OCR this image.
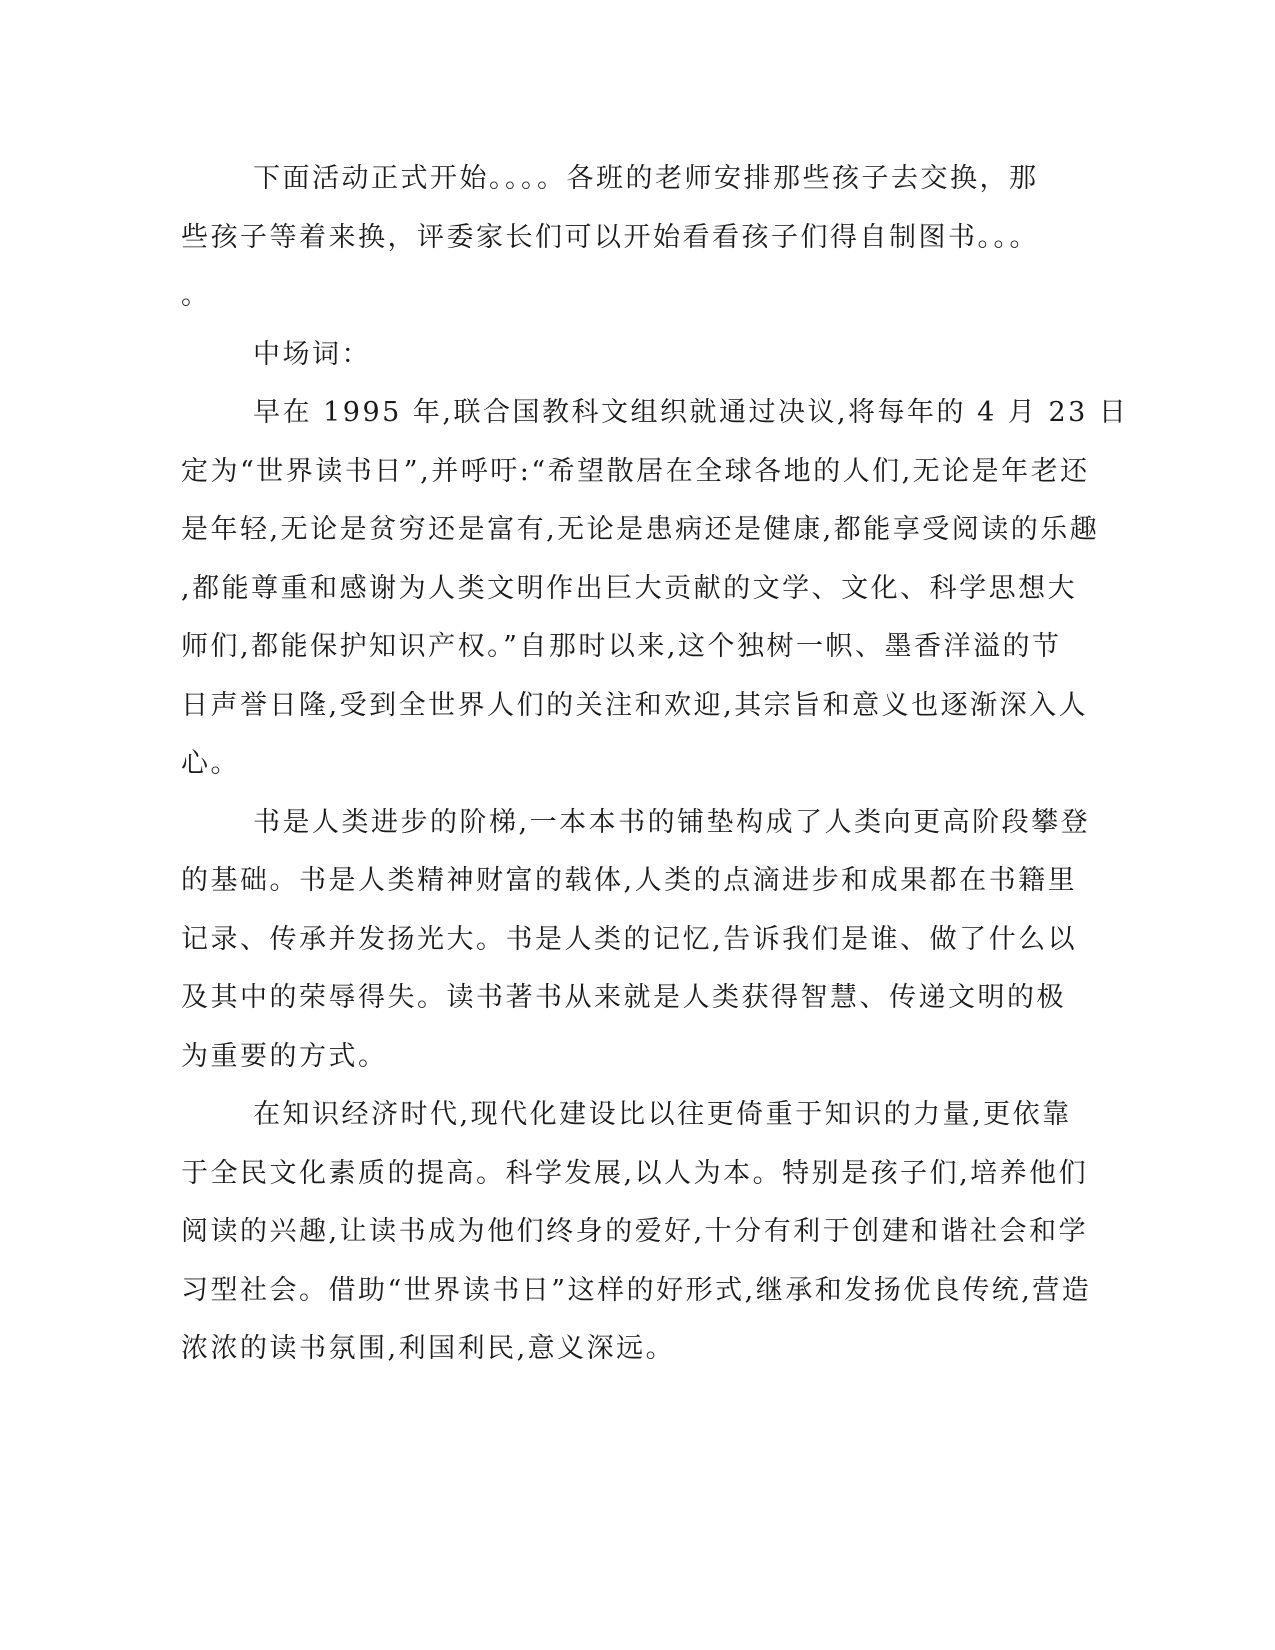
下面活动正式开始。。。。各班的老师安排那些孩子去交换，那
些孩子等着来换，评委家长们可以开始看看孩子们得自制图书。。。
。
中场词：
早在 1995 年,联合国教科文组织就通过决议,将每年的 4 月 23 日
定为“世界读书日”,并呼吁:“希望散居在全球各地的人们,无论是年老还
是年轻,无论是贫穷还是富有,无论是患病还是健康,都能享受阅读的乐趣
,都能尊重和感谢为人类文明作出巨大贡献的文学、文化、科学思想大
师们,都能保护知识产权。”自那时以来,这个独树一帜、墨香洋溢的节
日声誉日隆,受到全世界人们的关注和欢迎,其宗旨和意义也逐渐深入人
心。
书是人类进步的阶梯,一本本书的铺垫构成了人类向更高阶段攀登
的基础。书是人类精神财富的载体,人类的点滴进步和成果都在书籍里
记录、传承并发扬光大。书是人类的记忆,告诉我们是谁、做了什么以
及其中的荣辱得失。读书著书从来就是人类获得智慧、传递文明的极
为重要的方式。
在知识经济时代,现代化建设比以往更倚重于知识的力量,更依靠
于全民文化素质的提高。科学发展,以人为本。特别是孩子们,培养他们
阅读的兴趣,让读书成为他们终身的爱好,十分有利于创建和谐社会和学
习型社会。借助“世界读书日”这样的好形式,继承和发扬优良传统,营造
浓浓的读书氛围,利国利民,意义深远。
